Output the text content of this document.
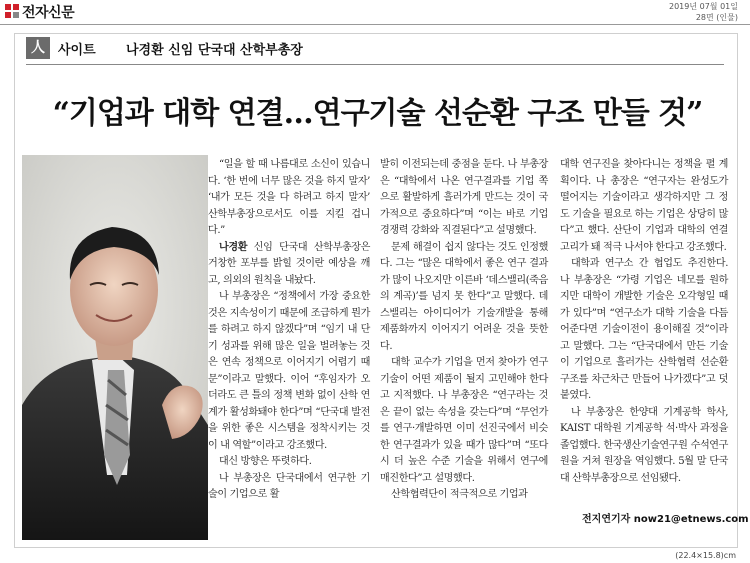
전자신문	2019년 07월 01일
28면 (인물)
人	사이트 나경환 신임 단국대 산학부총장
“기업과 대학 연결…연구기술 선순환 구조 만들 것”

“일을 할 때 나름대로 소신이 있습니다. ‘한 번에 너무 많은 것을 하지 말자’ ‘내가 모든 것을 다 하려고 하지 말자’ 산학부총장으로서도 이를 지킬 겁니다.”

나경환 신임 단국대 산학부총장은 거창한 포부를 밝힐 것이란 예상을 깨고, 의외의 원칙을 내놨다.

나 부총장은 “정책에서 가장 중요한 것은 지속성이기 때문에 조급하게 뭔가를 하려고 하지 않겠다”며 “임기 내 단기 성과를 위해 많은 일을 벌려놓는 것은 연속 정책으로 이어지기 어렵기 때문”이라고 말했다. 이어 “후임자가 오더라도 큰 틀의 정책 변화 없이 산학 연계가 활성화돼야 한다”며 “단국대 발전을 위한 좋은 시스템을 정착시키는 것이 내 역할”이라고 강조했다.

대신 방향은 뚜렷하다.

나 부총장은 단국대에서 연구한 기술이 기업으로 활

발히 이전되는데 중점을 둔다. 나 부총장은 “대학에서 나온 연구결과를 기업 쪽으로 활발하게 흘러가게 만드는 것이 국가적으로 중요하다”며 “이는 바로 기업 경쟁력 강화와 직결된다”고 설명했다.

문제 해결이 쉽지 않다는 것도 인정했다. 그는 “많은 대학에서 좋은 연구 결과가 많이 나오지만 이른바 ‘데스밸리(죽음의 계곡)’를 넘지 못 한다”고 말했다. 데스밸리는 아이디어가 기술개발을 통해 제품화까지 이어지기 어려운 것을 뜻한다.

대학 교수가 기업을 먼저 찾아가 연구기술이 어떤 제품이 될지 고민해야 한다고 지적했다. 나 부총장은 “연구라는 것은 끝이 없는 속성을 갖는다”며 “무언가를 연구·개발하면 이미 선진국에서 비슷한 연구결과가 있을 때가 많다”며 “또다시 더 높은 수준 기술을 위해서 연구에 매진한다”고 설명했다.

산학협력단이 적극적으로 기업과

대학 연구진을 찾아다니는 정책을 펼 계획이다. 나 총장은 “연구자는 완성도가 떨어지는 기술이라고 생각하지만 그 정도 기술을 필요로 하는 기업은 상당히 많다”고 했다. 산단이 기업과 대학의 연결고리가 돼 적극 나서야 한다고 강조했다.

대학과 연구소 간 협업도 추진한다. 나 부총장은 “가령 기업은 네모를 원하지만 대학이 개발한 기술은 오각형일 때가 있다”며 “연구소가 대학 기술을 다듬어준다면 기술이전이 용이해질 것”이라고 말했다. 그는 “단국대에서 만든 기술이 기업으로 흘러가는 산학협력 선순환 구조를 차근차근 만들어 나가겠다”고 덧붙였다.

나 부총장은 한양대 기계공학 학사, KAIST 대학원 기계공학 석·박사 과정을 졸업했다. 한국생산기술연구원 수석연구원을 거쳐 원장을 역임했다. 5월 말 단국대 산학부총장으로 선임됐다.

전지연기자 now21@etnews.com
(22.4×15.8)cm
